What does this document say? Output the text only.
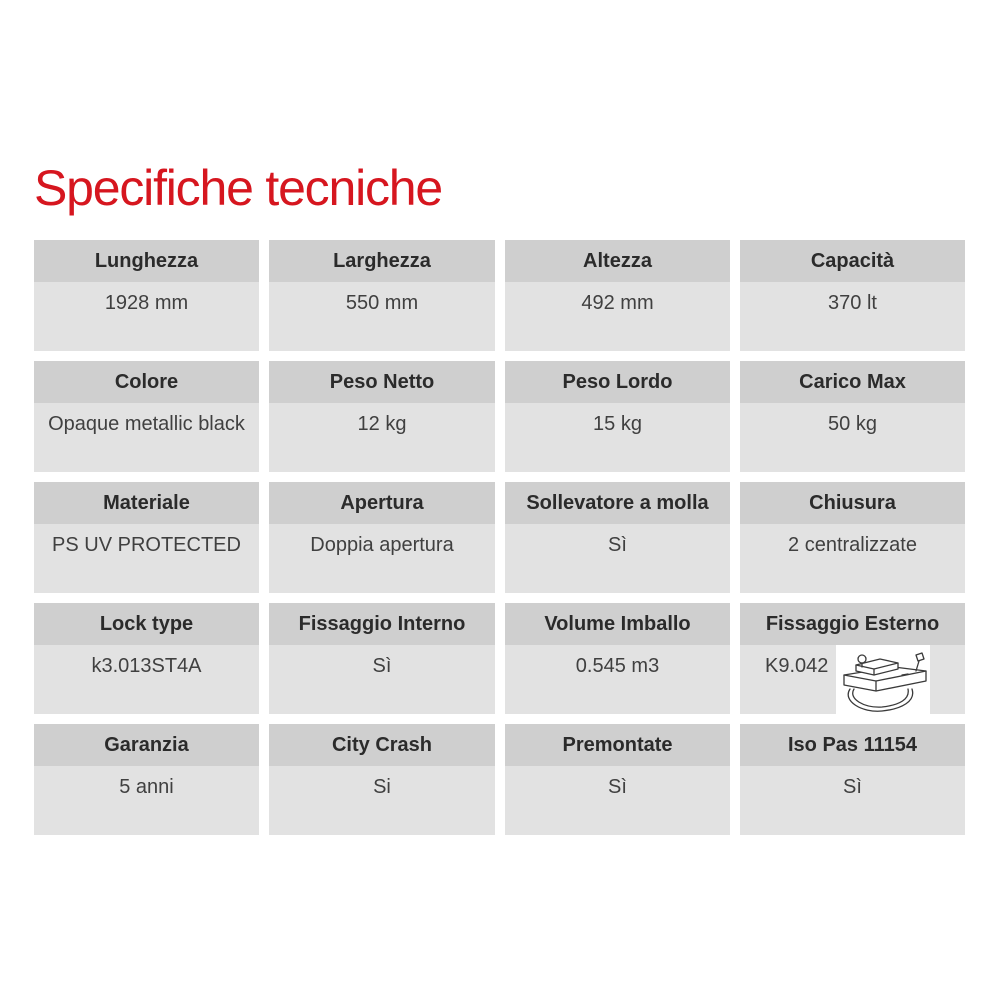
Specifiche tecniche
Lunghezza
1928 mm
Larghezza
550 mm
Altezza
492 mm
Capacità
370 lt
Colore
Opaque metallic black
Peso Netto
12 kg
Peso Lordo
15 kg
Carico Max
50 kg
Materiale
PS UV PROTECTED
Apertura
Doppia apertura
Sollevatore a molla
Sì
Chiusura
2 centralizzate
Lock type
k3.013ST4A
Fissaggio Interno
Sì
Volume Imballo
0.545 m3
Fissaggio Esterno
K9.042
Garanzia
5 anni
City Crash
Si
Premontate
Sì
Iso Pas 11154
Sì
